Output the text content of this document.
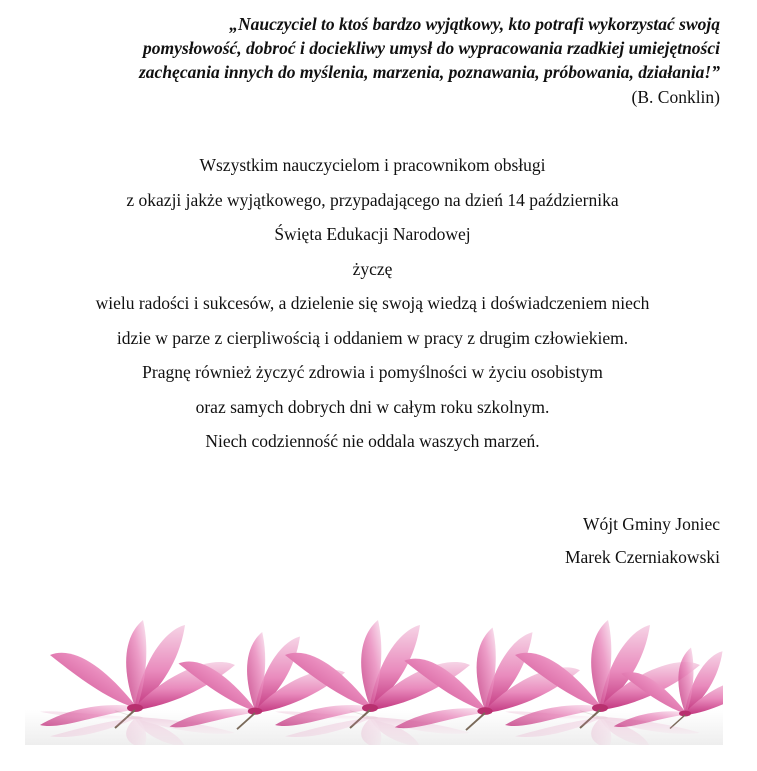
„Nauczyciel to ktoś bardzo wyjątkowy, kto potrafi wykorzystać swoją
pomysłowość, dobroć i dociekliwy umysł do wypracowania rzadkiej umiejętności
zachęcania innych do myślenia, marzenia, poznawania, próbowania, działania!”
(B. Conklin)
Wszystkim nauczycielom i pracownikom obsługi
z okazji jakże wyjątkowego, przypadającego na dzień 14 października
Święta Edukacji Narodowej
życzę
wielu radości i sukcesów, a dzielenie się swoją wiedzą i doświadczeniem niech
idzie w parze z cierpliwością i oddaniem w pracy z drugim człowiekiem.
Pragnę również życzyć zdrowia i pomyślności w życiu osobistym
oraz samych dobrych dni w całym roku szkolnym.
Niech codzienność nie oddala waszych marzeń.
Wójt Gminy Joniec
Marek Czerniakowski
